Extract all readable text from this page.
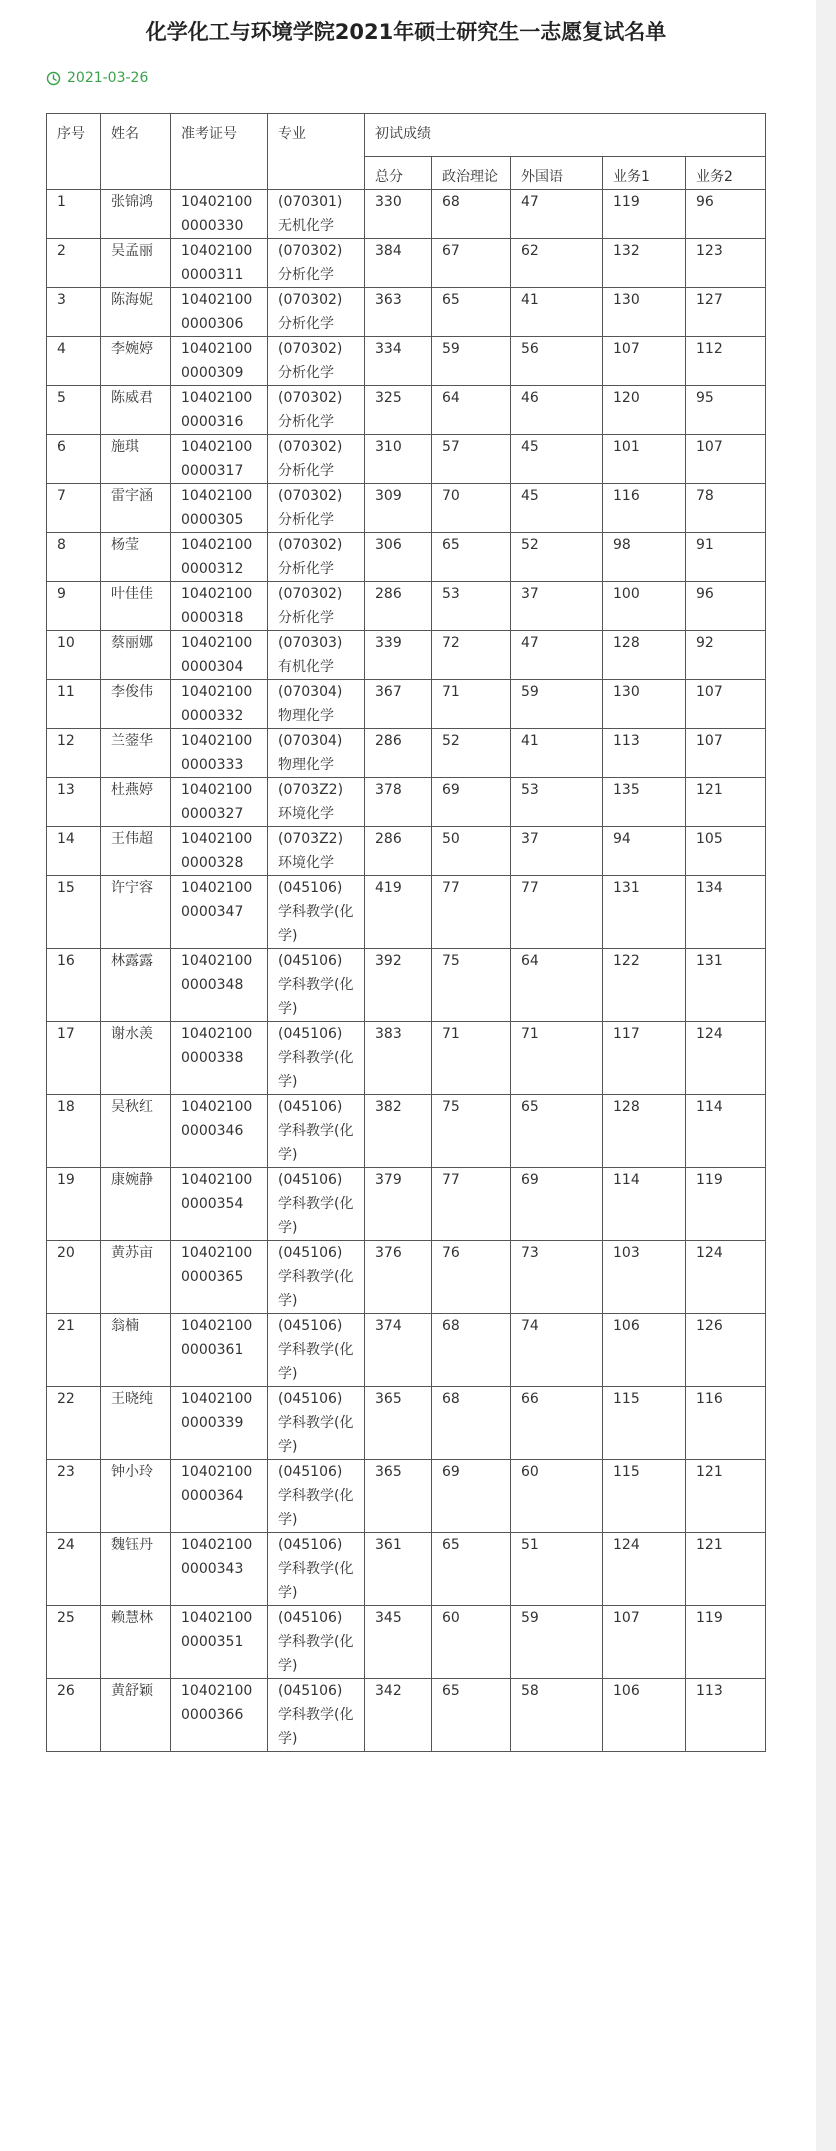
化学化工与环境学院2021年硕士研究生一志愿复试名单
2021-03-26
序号	姓名	准考证号	专业	初试成绩				
				总分	政治理论	外国语	业务1	业务2
1	张锦鸿	104021000000330	(070301)无机化学	330	68	47	119	96
2	吴孟丽	104021000000311	(070302)分析化学	384	67	62	132	123
3	陈海妮	104021000000306	(070302)分析化学	363	65	41	130	127
4	李婉婷	104021000000309	(070302)分析化学	334	59	56	107	112
5	陈威君	104021000000316	(070302)分析化学	325	64	46	120	95
6	施琪	104021000000317	(070302)分析化学	310	57	45	101	107
7	雷宇涵	104021000000305	(070302)分析化学	309	70	45	116	78
8	杨莹	104021000000312	(070302)分析化学	306	65	52	98	91
9	叶佳佳	104021000000318	(070302)分析化学	286	53	37	100	96
10	蔡丽娜	104021000000304	(070303)有机化学	339	72	47	128	92
11	李俊伟	104021000000332	(070304)物理化学	367	71	59	130	107
12	兰蓥华	104021000000333	(070304)物理化学	286	52	41	113	107
13	杜燕婷	104021000000327	(0703Z2)环境化学	378	69	53	135	121
14	王伟超	104021000000328	(0703Z2)环境化学	286	50	37	94	105
15	许宁容	104021000000347	(045106)学科教学(化学)	419	77	77	131	134
16	林露露	104021000000348	(045106)学科教学(化学)	392	75	64	122	131
17	谢水羡	104021000000338	(045106)学科教学(化学)	383	71	71	117	124
18	吴秋红	104021000000346	(045106)学科教学(化学)	382	75	65	128	114
19	康婉静	104021000000354	(045106)学科教学(化学)	379	77	69	114	119
20	黄苏亩	104021000000365	(045106)学科教学(化学)	376	76	73	103	124
21	翁楠	104021000000361	(045106)学科教学(化学)	374	68	74	106	126
22	王晓纯	104021000000339	(045106)学科教学(化学)	365	68	66	115	116
23	钟小玲	104021000000364	(045106)学科教学(化学)	365	69	60	115	121
24	魏钰丹	104021000000343	(045106)学科教学(化学)	361	65	51	124	121
25	赖慧林	104021000000351	(045106)学科教学(化学)	345	60	59	107	119
26	黄舒颖	104021000000366	(045106)学科教学(化学)	342	65	58	106	113
